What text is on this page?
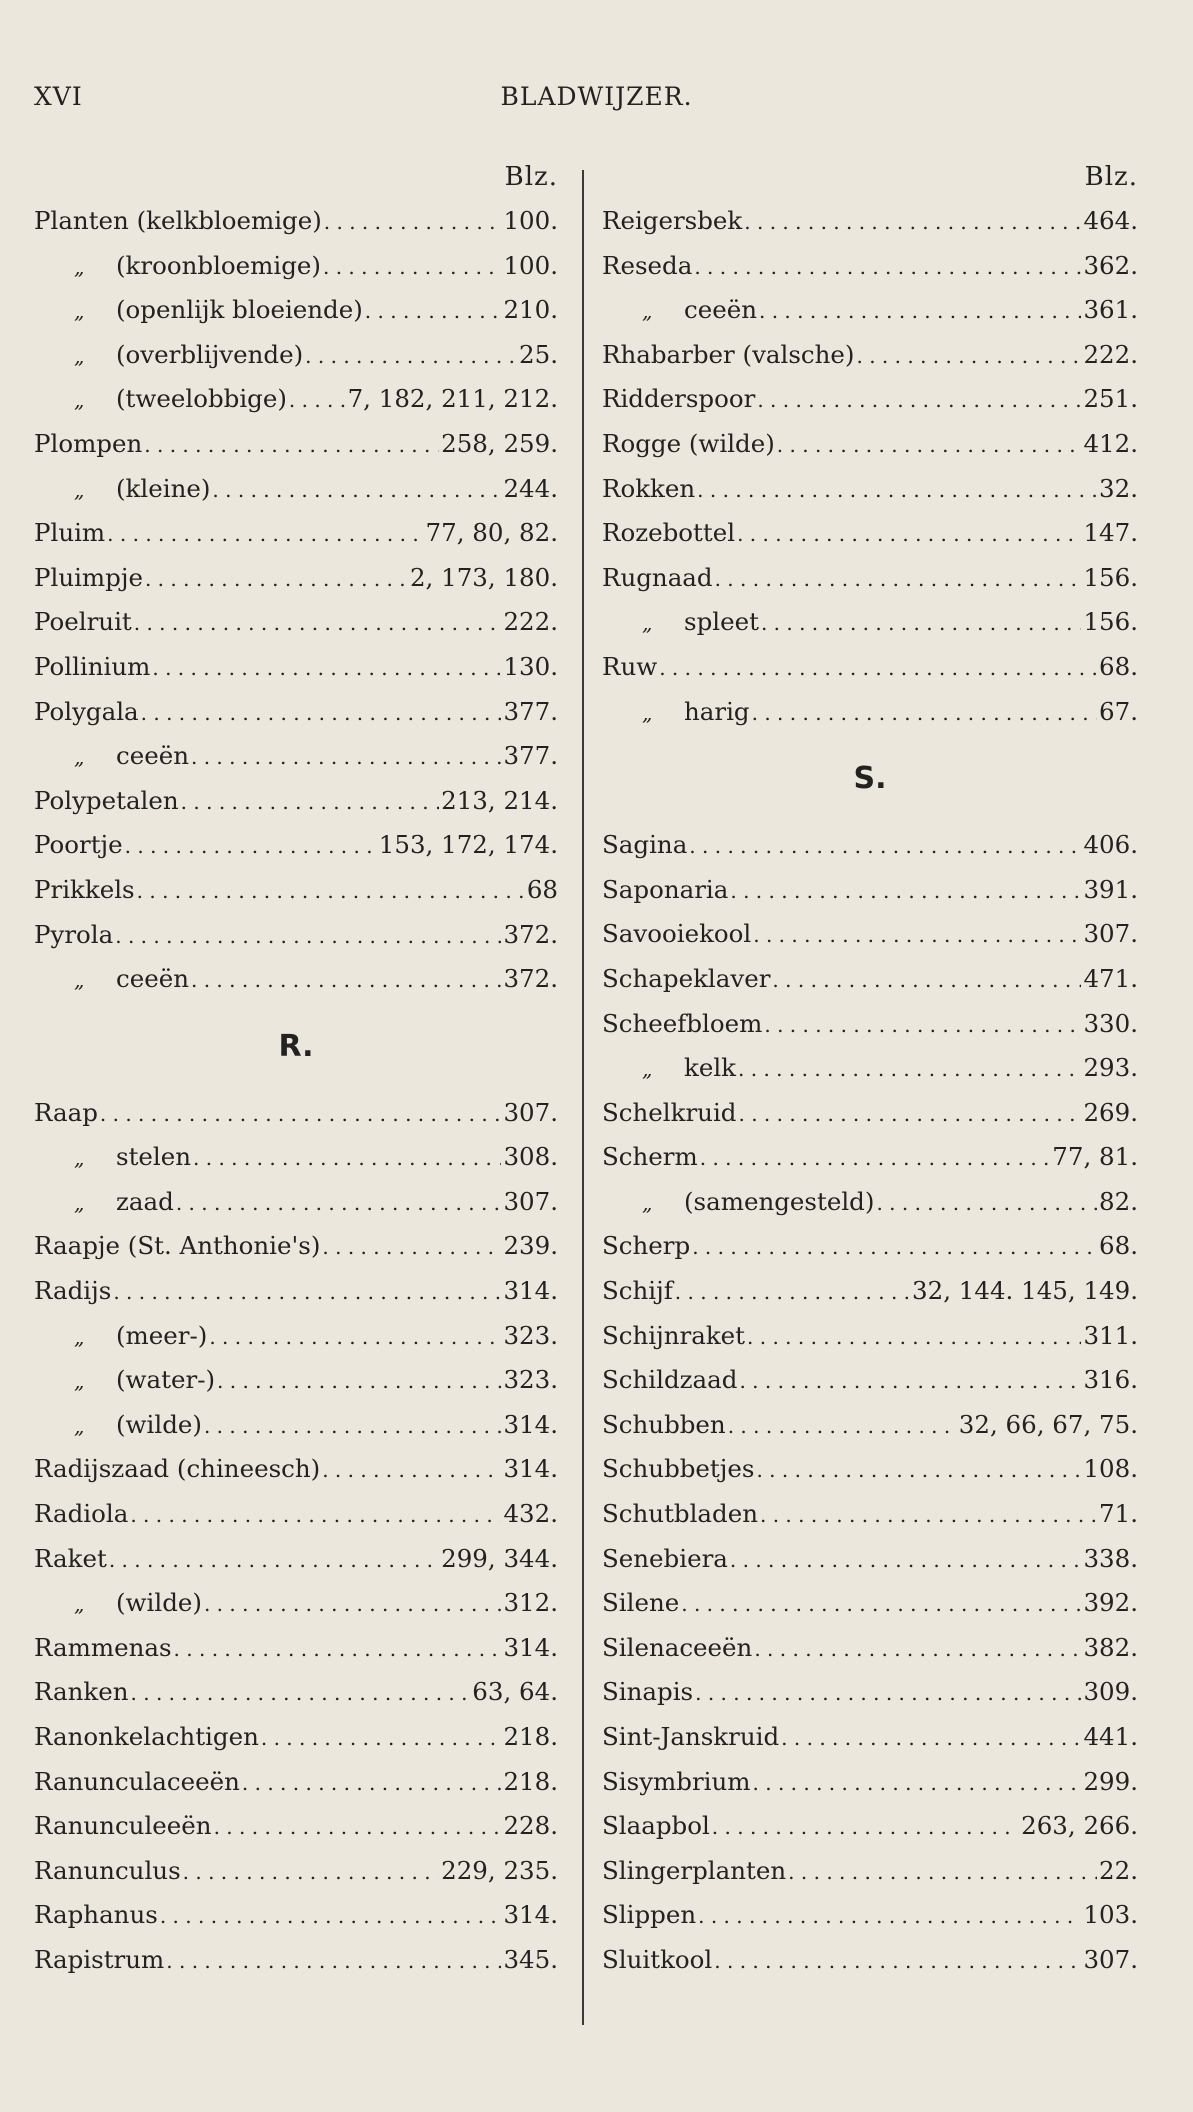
XVI	BLADWIJZER.
Blz.
Planten (kelkbloemige) . . .	100.
„ (kroonbloemige) . . .	100.
„ (openlijk bloeiende) . . .	210.
„ (overblijvende) . . .	25.
„ (tweelobbige) . . . 7, 182, 211, 212.
Plompen . . .	258, 259.
„ (kleine) . . .	244.
Pluim . . .	77, 80, 82.
Pluimpje . . .	2, 173, 180.
Poelruit . . .	222.
Pollinium . . .	130.
Polygala . . .	377.
„ ceeën . . .	377.
Polypetalen . . .	213, 214.
Poortje . . .	153, 172, 174.
Prikkels . . .	68
Pyrola . . .	372.
„ ceeën . . .	372.
R.
Raap . . .	307.
„ stelen . . .	308.
„ zaad . . .	307.
Raapje (St. Anthonie's) . . .	239.
Radijs . . .	314.
„ (meer-) . . .	323.
„ (water-) . . .	323.
„ (wilde) . . .	314.
Radijszaad (chineesch) . . .	314.
Radiola . . .	432.
Raket . . .	299, 344.
„ (wilde) . . .	312.
Rammenas . . .	314.
Ranken . . .	63, 64.
Ranonkelachtigen . . .	218.
Ranunculaceeën . . .	218.
Ranunculeeën . . .	228.
Ranunculus . . .	229, 235.
Raphanus . . .	314.
Rapistrum . . .	345.
Blz.
Reigersbek . . .	464.
Reseda . . .	362.
„ ceeën . . .	361.
Rhabarber (valsche) . . .	222.
Ridderspoor . . .	251.
Rogge (wilde) . . .	412.
Rokken . . .	32.
Rozebottel . . .	147.
Rugnaad . . .	156.
„ spleet . . .	156.
Ruw . . .	68.
„ harig . . .	67.
S.
Sagina . . .	406.
Saponaria . . .	391.
Savooiekool . . .	307.
Schapeklaver . . .	471.
Scheefbloem . . .	330.
„ kelk . . .	293.
Schelkruid . . .	269.
Scherm . . .	77, 81.
„ (samengesteld) . . .	82.
Scherp . . .	68.
Schijf . . .	32, 144. 145, 149.
Schijnraket . . .	311.
Schildzaad . . .	316.
Schubben . . .	32, 66, 67, 75.
Schubbetjes . . .	108.
Schutbladen . . .	71.
Senebiera . . .	338.
Silene . . .	392.
Silenaceeën . . .	382.
Sinapis . . .	309.
Sint-Janskruid . . .	441.
Sisymbrium . . .	299.
Slaapbol . . .	263, 266.
Slingerplanten . . .	22.
Slippen . . .	103.
Sluitkool . . .	307.
